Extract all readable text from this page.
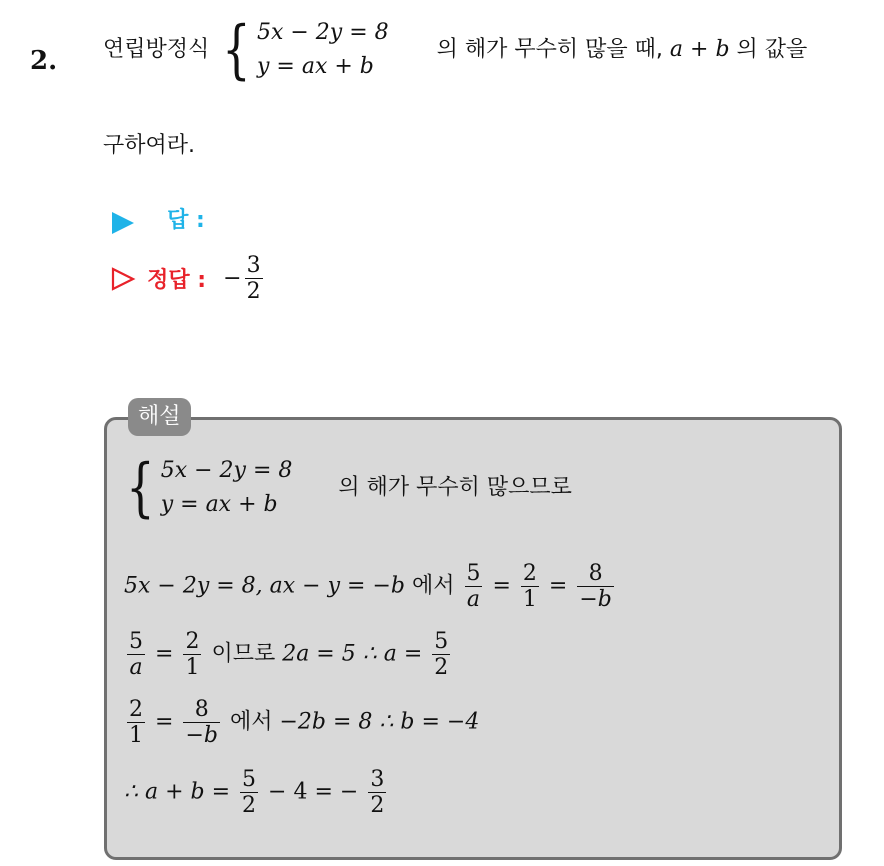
2. 연립방정식 { 5x − 2y = 8
y = ax + b
의 해가 무수히 많을 때, a + b 의 값을
구하여라.
답 :
정답 : − $\frac{3}{2}$
해설
{ 5x − 2y = 8
y = ax + b
의 해가 무수히 많으므로
5x − 2y = 8, ax − y = −b 에서 $\frac{5}{a} = \frac{2}{1} = \frac{8}{-b}$
$\frac{5}{a} = \frac{2}{1}$ 이므로 2a = 5 ∴ $a = \frac{5}{2}$
$\frac{2}{1} = \frac{8}{-b}$ 에서 −2b = 8 ∴ b = −4
∴ $a + b = \frac{5}{2} - 4$ = − $\frac{3}{2}$
